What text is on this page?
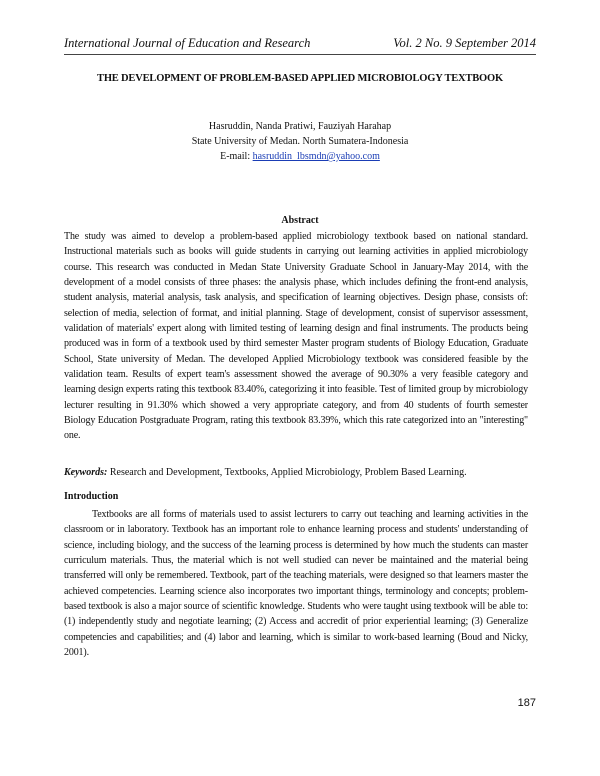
International Journal of Education and Research	Vol. 2 No. 9 September 2014
THE DEVELOPMENT OF PROBLEM-BASED APPLIED MICROBIOLOGY TEXTBOOK
Hasruddin, Nanda Pratiwi, Fauziyah Harahap
State University of Medan. North Sumatera-Indonesia
E-mail: hasruddin_lbsmdn@yahoo.com
Abstract
The study was aimed to develop a problem-based applied microbiology textbook based on national standard. Instructional materials such as books will guide students in carrying out learning activities in applied microbiology course. This research was conducted in Medan State University Graduate School in January-May 2014, with the development of a model consists of three phases: the analysis phase, which includes defining the front-end analysis, student analysis, material analysis, task analysis, and specification of learning objectives. Design phase, consists of: selection of media, selection of format, and initial planning. Stage of development, consist of supervisor assessment, validation of materials' expert along with limited testing of learning design and final instruments. The products being produced was in form of a textbook used by third semester Master program students of Biology Education, Graduate School, State university of Medan. The developed Applied Microbiology textbook was considered feasible by the validation team. Results of expert team's assessment showed the average of 90.30% a very feasible category and learning design experts rating this textbook 83.40%, categorizing it into feasible. Test of limited group by microbiology lecturer resulting in 91.30% which showed a very appropriate category, and from 40 students of fourth semester Biology Education Postgraduate Program, rating this textbook 83.39%, which this rate categorized into an "interesting" one.
Keywords: Research and Development, Textbooks, Applied Microbiology, Problem Based Learning.
Introduction
Textbooks are all forms of materials used to assist lecturers to carry out teaching and learning activities in the classroom or in laboratory. Textbook has an important role to enhance learning process and students' understanding of science, including biology, and the success of the learning process is determined by how much the students can master curriculum materials. Thus, the material which is not well studied can never be maintained and the material being transferred will only be remembered. Textbook, part of the teaching materials, were designed so that learners master the achieved competencies. Learning science also incorporates two important things, terminology and concepts; problem-based textbook is also a major source of scientific knowledge. Students who were taught using textbook will be able to: (1) independently study and negotiate learning; (2) Access and accredit of prior experiential learning; (3) Generalize competencies and capabilities; and (4) labor and learning, which is similar to work-based learning (Boud and Nicky, 2001).
187
